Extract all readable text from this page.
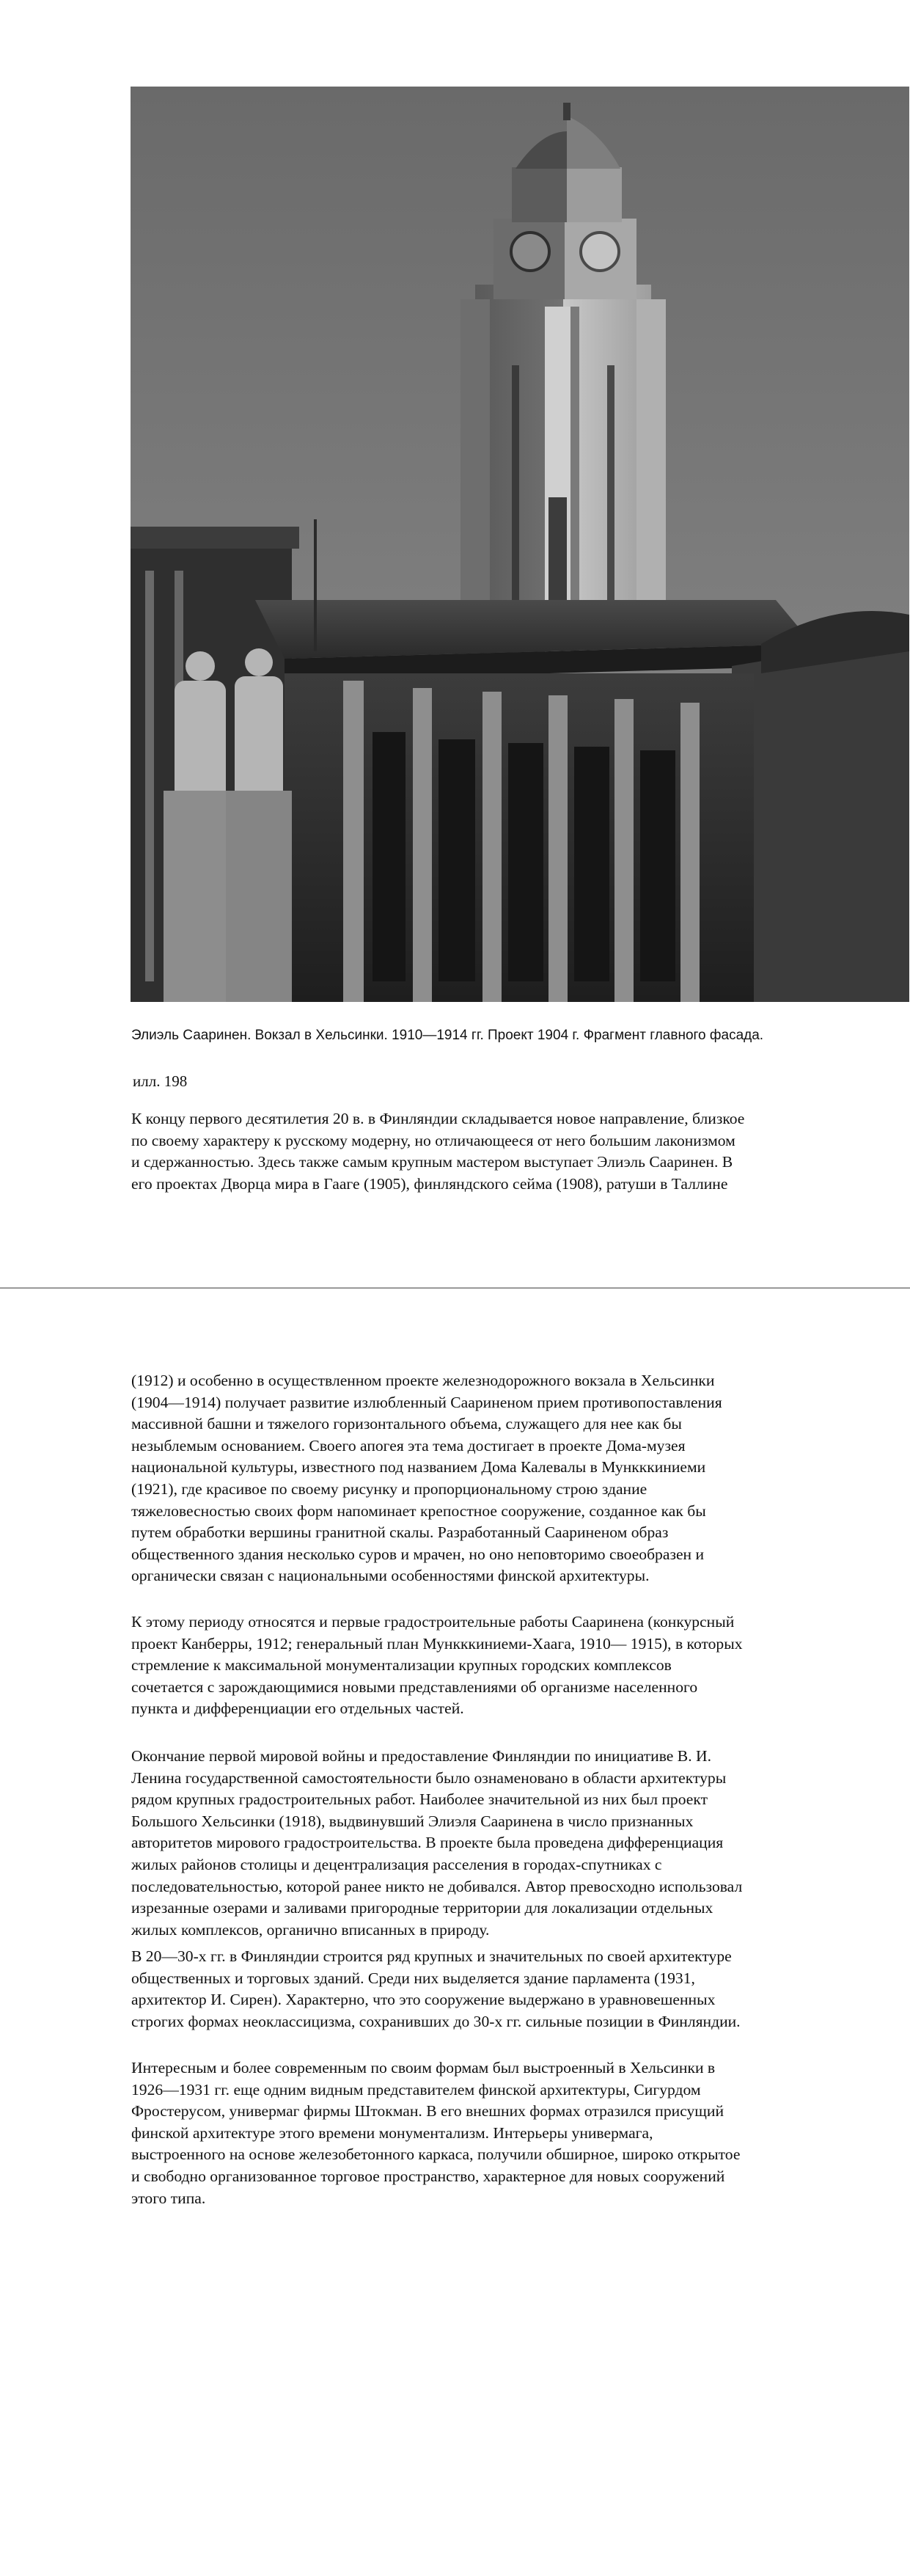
Элиэль Сааринен. Вокзал в Хельсинки. 1910—1914 гг. Проект 1904 г. Фрагмент главного фасада.
илл. 198

К концу первого десятилетия 20 в. в Финляндии складывается новое направление, близкое
по своему характеру к русскому модерну, но отличающееся от него большим лаконизмом
и сдержанностью. Здесь также самым крупным мастером выступает Элиэль Сааринен. В
его проектах Дворца мира в Гааге (1905), финляндского сейма (1908), ратуши в Таллине

(1912) и особенно в осуществленном проекте железнодорожного вокзала в Хельсинки
(1904—1914) получает развитие излюбленный Саариненом прием противопоставления
массивной башни и тяжелого горизонтального объема, служащего для нее как бы
незыблемым основанием. Своего апогея эта тема достигает в проекте Дома-музея
национальной культуры, известного под названием Дома Калевалы в Мункккиниеми
(1921), где красивое по своему рисунку и пропорциональному строю здание
тяжеловесностью своих форм напоминает крепостное сооружение, созданное как бы
путем обработки вершины гранитной скалы. Разработанный Саариненом образ
общественного здания несколько суров и мрачен, но оно неповторимо своеобразен и
органически связан с национальными особенностями финской архитектуры.

К этому периоду относятся и первые градостроительные работы Сааринена (конкурсный
проект Канберры, 1912; генеральный план Мункккиниеми-Хаага, 1910— 1915), в которых
стремление к максимальной монументализации крупных городских комплексов
сочетается с зарождающимися новыми представлениями об организме населенного
пункта и дифференциации его отдельных частей.

Окончание первой мировой войны и предоставление Финляндии по инициативе В. И.
Ленина государственной самостоятельности было ознаменовано в области архитектуры
рядом крупных градостроительных работ. Наиболее значительной из них был проект
Большого Хельсинки (1918), выдвинувший Элиэля Сааринена в число признанных
авторитетов мирового градостроительства. В проекте была проведена дифференциация
жилых районов столицы и децентрализация расселения в городах-спутниках с
последовательностью, которой ранее никто не добивался. Автор превосходно использовал
изрезанные озерами и заливами пригородные территории для локализации отдельных
жилых комплексов, органично вписанных в природу.

В 20—30-х гг. в Финляндии строится ряд крупных и значительных по своей архитектуре
общественных и торговых зданий. Среди них выделяется здание парламента (1931,
архитектор И. Сирен). Характерно, что это сооружение выдержано в уравновешенных
строгих формах неоклассицизма, сохранивших до 30-х гг. сильные позиции в Финляндии.

Интересным и более современным по своим формам был выстроенный в Хельсинки в
1926—1931 гг. еще одним видным представителем финской архитектуры, Сигурдом
Фростерусом, универмаг фирмы Штокман. В его внешних формах отразился присущий
финской архитектуре этого времени монументализм. Интерьеры универмага,
выстроенного на основе железобетонного каркаса, получили обширное, широко открытое
и свободно организованное торговое пространство, характерное для новых сооружений
этого типа.
